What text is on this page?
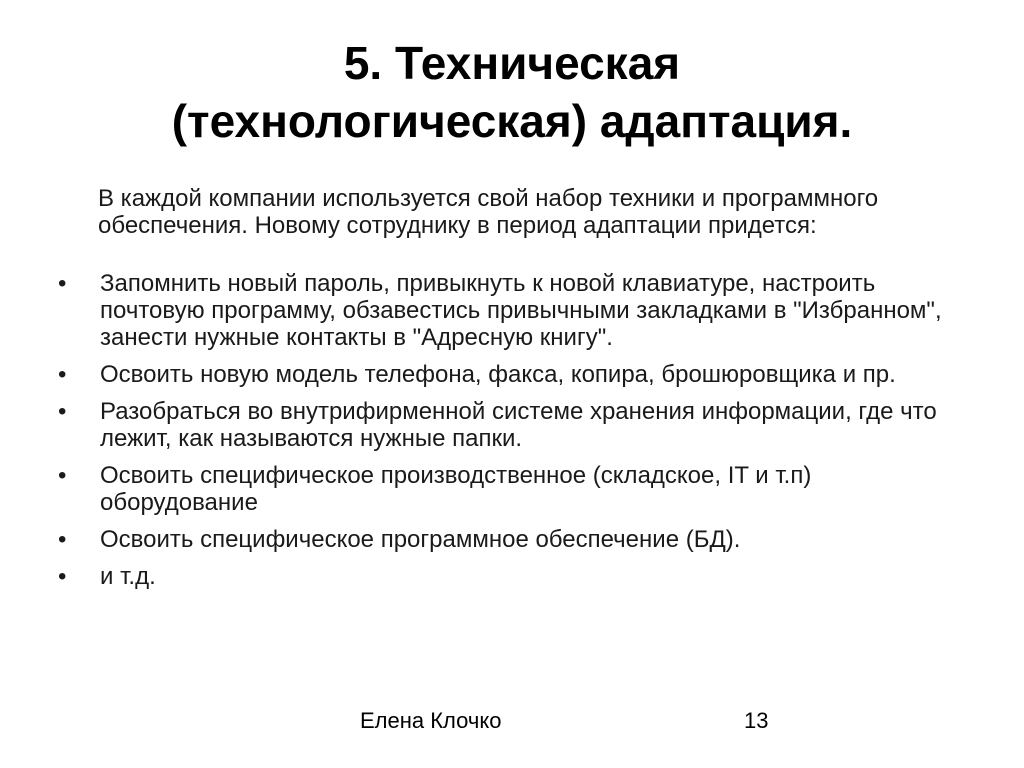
5. Техническая
(технологическая) адаптация.
В каждой компании используется свой набор техники и программного обеспечения. Новому сотруднику в период адаптации придется:
• Запомнить новый пароль, привыкнуть к новой клавиатуре, настроить почтовую программу, обзавестись привычными закладками в "Избранном", занести нужные контакты в "Адресную книгу".
• Освоить новую модель телефона, факса, копира, брошюровщика и пр.
• Разобраться во внутрифирменной системе хранения информации, где что лежит, как называются нужные папки.
• Освоить специфическое производственное (складское, IT и т.п) оборудование
• Освоить специфическое программное обеспечение (БД).
• и т.д.
Елена Клочко	13
